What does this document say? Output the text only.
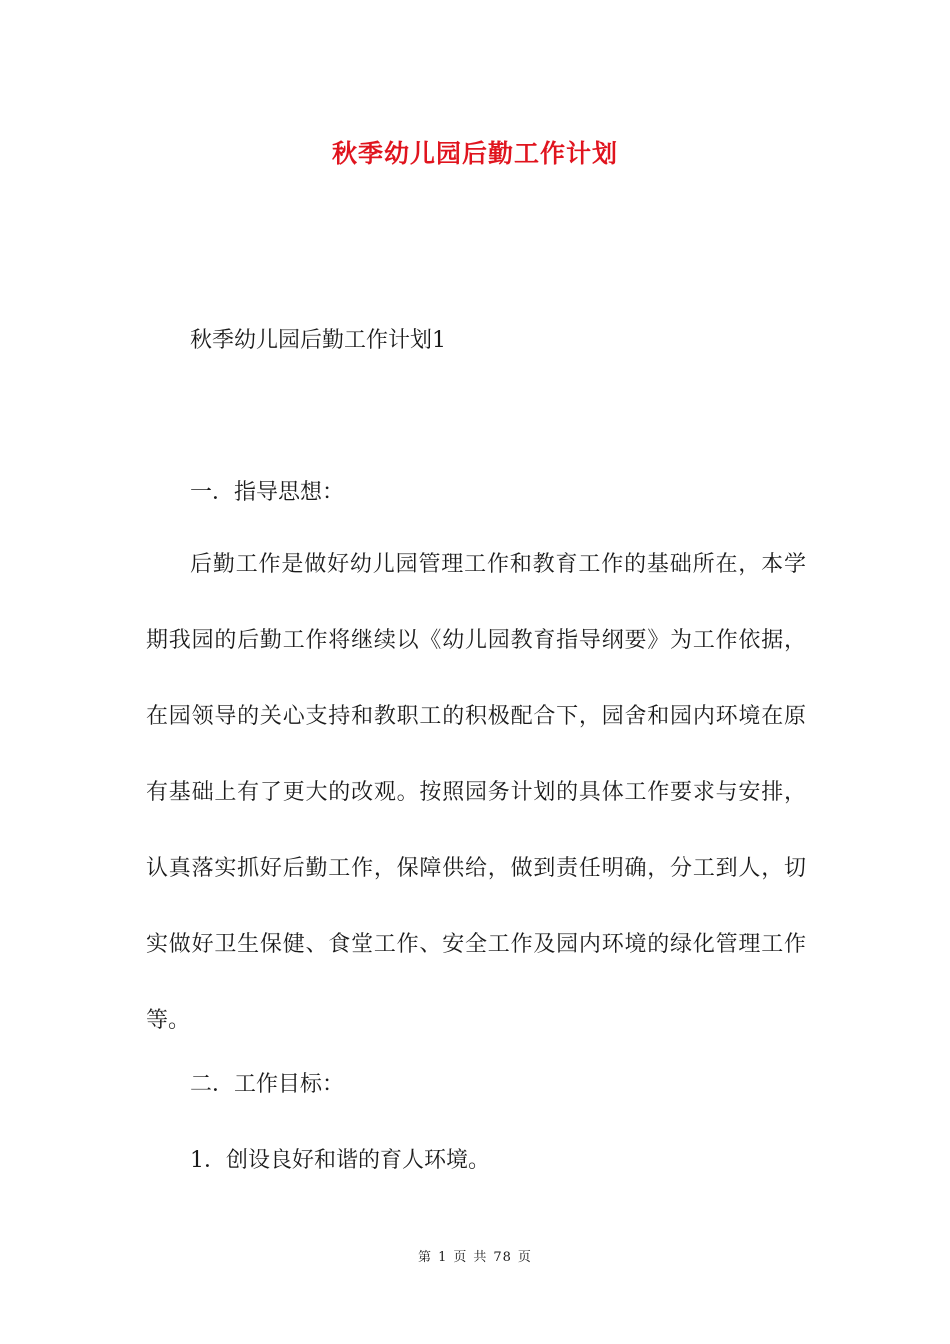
秋季幼儿园后勤工作计划
秋季幼儿园后勤工作计划1
一．指导思想：
后勤工作是做好幼儿园管理工作和教育工作的基础所在，本学
期我园的后勤工作将继续以《幼儿园教育指导纲要》为工作依据，
在园领导的关心支持和教职工的积极配合下，园舍和园内环境在原
有基础上有了更大的改观。按照园务计划的具体工作要求与安排，
认真落实抓好后勤工作，保障供给，做到责任明确，分工到人，切
实做好卫生保健、食堂工作、安全工作及园内环境的绿化管理工作
等。
二．工作目标：
1．创设良好和谐的育人环境。
第 1 页 共 78 页
